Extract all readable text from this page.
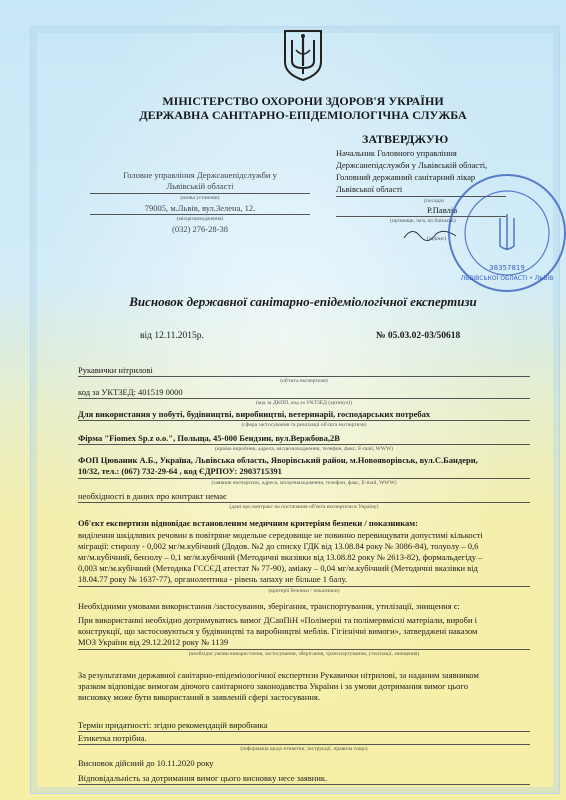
МІНІСТЕРСТВО ОХОРОНИ ЗДОРОВ'Я УКРАЇНИ
ДЕРЖАВНА САНІТАРНО-ЕПІДЕМІОЛОГІЧНА СЛУЖБА
ЗАТВЕРДЖУЮ
Начальник Головного управління
Держсанепідслужби у Львівській області,
Головний державний санітарний лікар
Львівської області
(посада)
Р.Павлів
(прізвище, ім'я, по батькові)
(підпис)
Головне управління Держсанепідслужби у
Львівській області
(назва установи)
79005, м.Львів, вул.Зелена, 12.
(місцезнаходження)
(032) 276-28-38
38357819
ЛЬВІВСЬКОЇ ОБЛАСТІ • ЛЬВІВ
Висновок державної санітарно-епідеміологічної експертизи
від 12.11.2015р.	№ 05.03.02-03/50618
Рукавички нітрилові
(об'єкта експертизи)
код за УКТЗЕД: 401519 0000
(код за ДКПП, код за УКТЗЕД (артикул))
Для використання у побуті, будівництві, виробництві, ветеринарії, господарських потребах
(сфера застосування та реалізації об'єкта експертизи)
Фірма "Fiomex Sp.z o.o.", Польща, 45-000 Бендзин, вул.Вержбова,2В
(країна виробник, адреса, місцезнаходження, телефон, факс, E-mail, WWW)
ФОП Цюваник А.Б., Україна, Львівська область, Яворівський район, м.Новояворівськ, вул.С.Бандери,
10/32, тел.: (067) 732-29-64 , код ЄДРПОУ: 2903715391
(заявник експертизи, адреса, місцезнаходження, телефон, факс, E-mail, WWW)
необхідності в даних про контракт немає
(дані про контракт на постачання об'єкта експертизи в Україну)
Об'єкт експертизи відповідає встановленим медичним критеріям безпеки / показникам:
виділення шкідливих речовин в повітряне модельне середовище не повинно перевищувати допустимі кількості
міграції: стиролу - 0,002 мг/м.кубічний (Додов. №2 до списку ГДК від 13.08.84 року № 3086-84), толуолу – 0,6
мг/м.кубічний, бензолу – 0,1 мг/м.кубічний (Методичні вказівки від 13.08.82 року № 2613-82), формальдегіду –
0,003 мг/м.кубічний (Методика ГССЄД атестат № 77-90), аміаку – 0,04 мг/м.кубічний (Методичні вказівки від
18.04.77 року № 1637-77), органолептика - рівень запаху не більше 1 балу.
(критерії безпеки / показники)
Необхідними умовами використання /застосування, зберігання, транспортування, утилізації, знищення є:
При використанні необхідно дотримуватись вимог ДСанПіН «Полімерні та полімервмісні матеріали, вироби і
конструкції, що застосовуються у будівництві та виробництві меблів. Гігієнічні вимоги», затверджені наказом
МОЗ України від 29.12.2012 року № 1139
(необхідні умови використання, застосування, зберігання, транспортування, утилізації, знищення)
За результатами державної санітарно-епідеміологічної експертизи Рукавички нітрилові, за наданим заявником
зразком відповідає вимогам діючого санітарного законодавства України і за умови дотримання вимог цього
висновку може бути використаний в заявленій сфері застосування.
Термін придатності: згідно рекомендацій виробника
Етикетка потрібна.
(інформація щодо етикетки, інструкції, правила тощо)
Висновок дійсний до 10.11.2020 року
Відповідальність за дотримання вимог цього висновку несе заявник.
